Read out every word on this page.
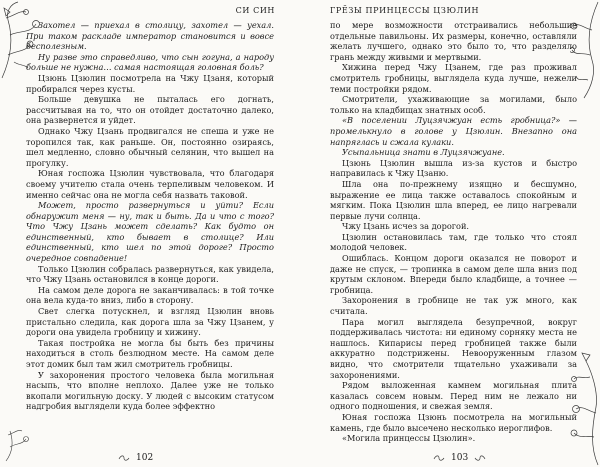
СИ СИН

Захотел — приехал в столицу, захотел — уехал. При таком раскладе император становится и вовсе бесполезным.

Ну разве это справедливо, что сын гогуна, а народу больше не нужна… самая настоящая головная боль?

Цзюнь Цзюлин посмотрела на Чжу Цзаня, который пробирался через кусты.

Больше девушка не пыталась его догнать, рассчитывая на то, что он отойдет достаточно далеко, она развернется и уйдет.

Однако Чжу Цзань продвигался не спеша и уже не торопился так, как раньше. Он, постоянно озираясь, шел медленно, словно обычный селянин, что вышел на прогулку.

Юная госпожа Цзюлин чувствовала, что благодаря своему учителю стала очень терпеливым человеком. И именно сейчас она не могла себя назвать таковой.

Может, просто развернуться и уйти? Если обнаружит меня — ну, так и быть. Да и что с того? Что Чжу Цзань может сделать? Как будто он единственный, кто бывает в столице? Или единственный, кто шел по этой дороге? Просто очередное совпадение!

Только Цзюлин собралась развернуться, как увидела, что Чжу Цзань остановился в конце дороги.

На самом деле дорога не заканчивалась: в той точке она вела куда-то вниз, либо в сторону.

Свет слегка потускнел, и взгляд Цзюлин вновь пристально следила, как дорога шла за Чжу Цзанем, у дороги она увидела гробницу и хижину.

Такая постройка не могла бы быть без причины находиться в столь безлюдном месте. На самом деле этот домик был там жил смотритель гробницы.

У захоронения простого человека была могильная насыпь, что вполне неплохо. Далее уже не только вкопали могильную доску. У людей с высоким статусом надгробия выглядели куда более эффектно

102
ГРЁЗЫ ПРИНЦЕССЫ ЦЗЮЛИН

по мере возможности отстраивались небольшие отдельные павильоны. Их размеры, конечно, оставляли желать лучшего, однако это было то, что разделяло грань между живыми и мертвыми.

Хижина перед Чжу Цзанем, где раз проживал смотритель гробницы, выглядела куда лучше, нежели теми постройки рядом.

Смотрители, ухаживающие за могилами, было только на кладбищах знатных особ.

«В поселении Луцзячжуан есть гробница?» — промелькнуло в голове у Цзюлин. Внезапно она напряглась и сжала кулаки.

Усыпальница знати в Луцзячжуане.

Цзюнь Цзюлин вышла из-за кустов и быстро направилась к Чжу Цзаню.

Шла она по-прежнему изящно и бесшумно, выражение ее лица также оставалось спокойным и мягким. Пока Цзюлин шла вперед, ее лицо нагревали первые лучи солнца.

Чжу Цзань исчез за дорогой.

Цзюлин остановилась там, где только что стоял молодой человек.

Ошиблась. Концом дороги оказался не поворот и даже не спуск, — тропинка в самом деле шла вниз под крутым склоном. Впереди было кладбище, а точнее — гробница.

Захоронения в гробнице не так уж много, как считала.

Пара могил выглядела безупречной, вокруг поддерживалась чистота: ни единому сорняку места не нашлось. Кипарисы перед гробницей также были аккуратно подстрижены. Невооруженным глазом видно, что смотрители тщательно ухаживали за захоронениями.

Рядом выложенная камнем могильная плита казалась совсем новым. Перед ним не лежало ни одного подношения, и свежая земля.

Юная госпожа Цзюнь посмотрела на могильный камень, где было высечено несколько иероглифов.

«Могила принцессы Цзюлин».

103
